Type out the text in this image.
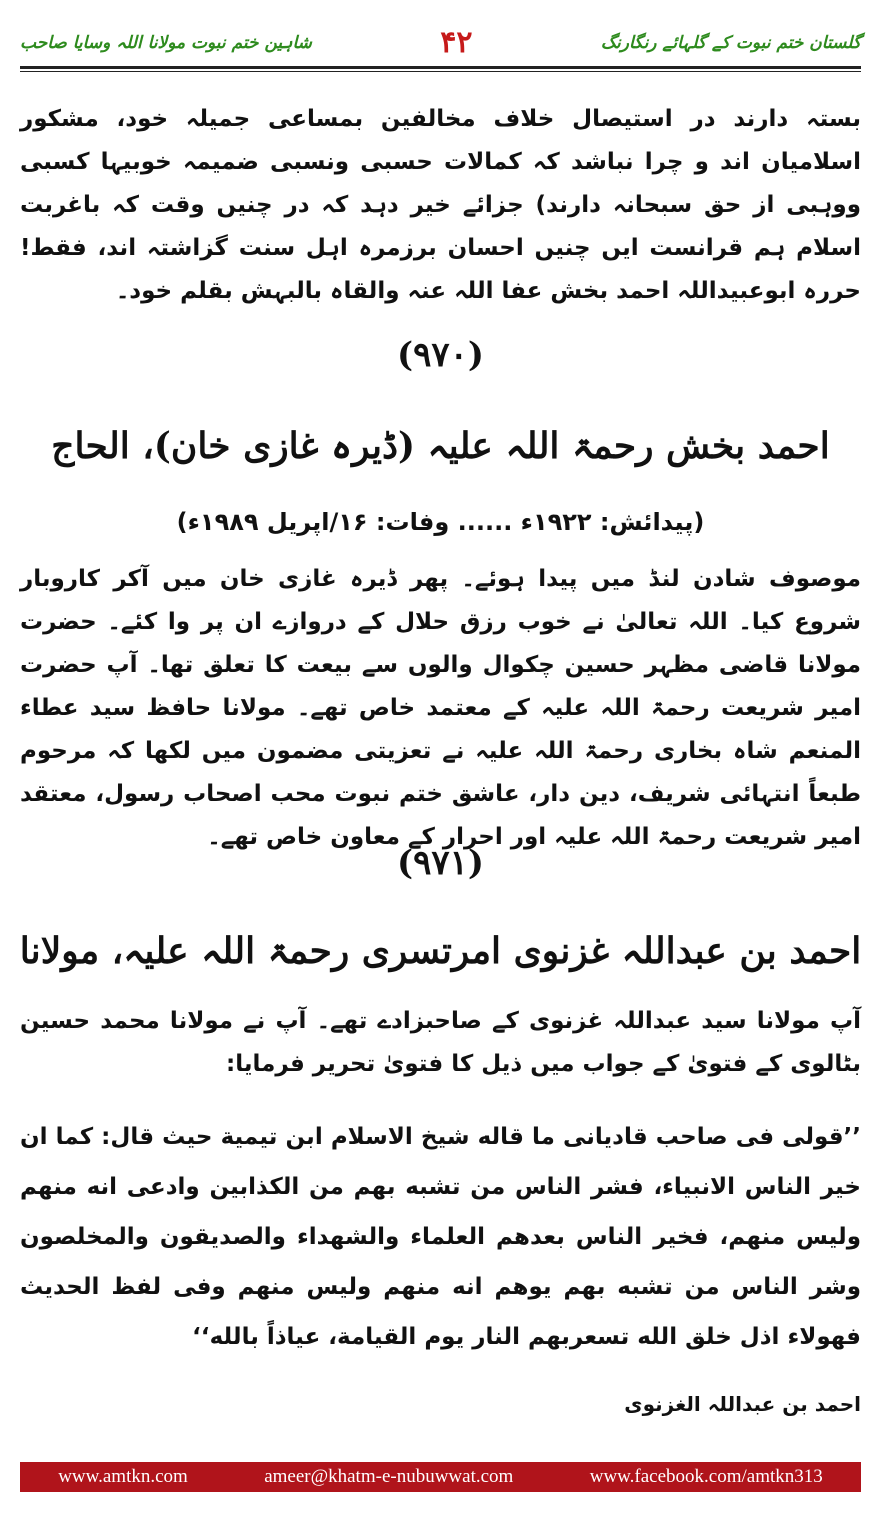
شاہین ختم نبوت مولانا اللہ وسایا صاحب	۴۲	گلستان ختم نبوت کے گلہائے رنگارنگ
بستہ دارند در استیصال خلاف مخالفین بمساعی جمیلہ خود، مشکور اسلامیان اند و چرا نباشد کہ کمالات حسبی ونسبی ضمیمہ خوبیہا کسبی ووہبی از حق سبحانہ دارند) جزائے خیر دہد کہ در چنیں وقت کہ باغربت اسلام ہم قرانست ایں چنیں احسان برزمرہ اہل سنت گزاشتہ اند، فقط! حررہ ابوعبیداللہ احمد بخش عفا اللہ عنہ والقاہ بالبہش بقلم خود۔
(۹۷۰)
احمد بخش رحمۃ اللہ علیہ (ڈیرہ غازی خان)، الحاج
(پیدائش: ۱۹۲۲ء ...... وفات: ۱۶/اپریل ۱۹۸۹ء)
موصوف شادن لنڈ میں پیدا ہوئے۔ پھر ڈیرہ غازی خان میں آکر کاروبار شروع کیا۔ اللہ تعالیٰ نے خوب رزق حلال کے دروازے ان پر وا کئے۔ حضرت مولانا قاضی مظہر حسین چکوال والوں سے بیعت کا تعلق تھا۔ آپ حضرت امیر شریعت رحمۃ اللہ علیہ کے معتمد خاص تھے۔ مولانا حافظ سید عطاء المنعم شاہ بخاری رحمۃ اللہ علیہ نے تعزیتی مضمون میں لکھا کہ مرحوم طبعاً انتہائی شریف، دین دار، عاشق ختم نبوت محب اصحاب رسول، معتقد امیر شریعت رحمۃ اللہ علیہ اور احرار کے معاون خاص تھے۔
(۹۷۱)
احمد بن عبداللہ غزنوی امرتسری رحمۃ اللہ علیہ، مولانا
آپ مولانا سید عبداللہ غزنوی کے صاحبزادے تھے۔ آپ نے مولانا محمد حسین بٹالوی کے فتویٰ کے جواب میں ذیل کا فتویٰ تحریر فرمایا:
’’قولی فی صاحب قادیانی ما قاله شیخ الاسلام ابن تیمیة حیث قال: کما ان خیر الناس الانبیاء، فشر الناس من تشبه بهم من الکذابین وادعی انه منهم ولیس منهم، فخیر الناس بعدهم العلماء والشهداء والصدیقون والمخلصون وشر الناس من تشبه بهم یوهم انه منهم ولیس منهم وفی لفظ الحدیث فهولاء اذل خلق الله تسعربهم النار یوم القیامة، عیاذاً بالله‘‘
احمد بن عبداللہ الغزنوی
www.amtkn.com	ameer@khatm-e-nubuwwat.com	www.facebook.com/amtkn313
